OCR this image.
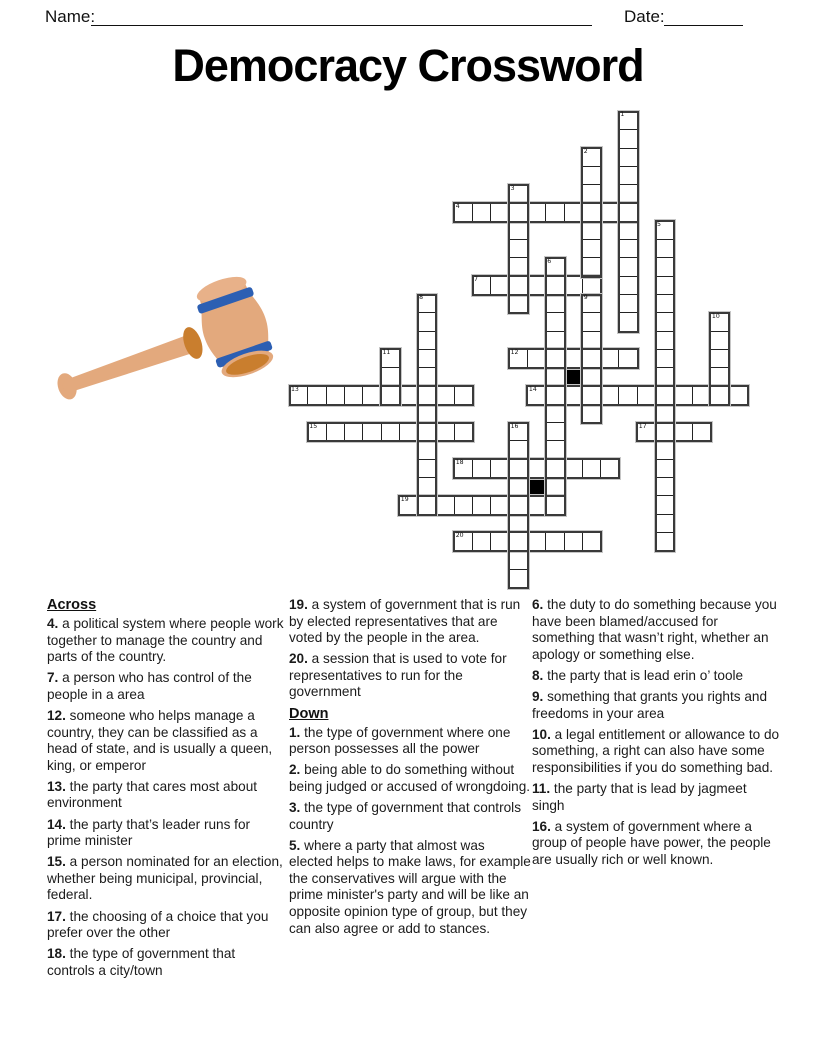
Name:	Date:
Democracy Crossword
4
7
12
13	14
15	17
18
19
20
1
2
3
5
6
8	9
10
11
16
Across

4. a political system where people work together to manage the country and parts of the country.

7. a person who has control of the people in a area

12. someone who helps manage a country, they can be classified as a head of state, and is usually a queen, king, or emperor

13. the party that cares most about environment

14. the party that’s leader runs for prime minister

15. a person nominated for an election, whether being municipal, provincial, federal.

17. the choosing of a choice that you prefer over the other

18. the type of government that controls a city/town

19. a system of government that is run by elected representatives that are voted by the people in the area.

20. a session that is used to vote for representatives to run for the government

Down

1. the type of government where one person possesses all the power

2. being able to do something without being judged or accused of wrongdoing.

3. the type of government that controls country

5. where a party that almost was elected helps to make laws, for example the conservatives will argue with the prime minister's party and will be like an opposite opinion type of group, but they can also agree or add to stances.

6. the duty to do something because you have been blamed/accused for something that wasn’t right, whether an apology or something else.

8. the party that is lead erin o’ toole

9. something that grants you rights and freedoms in your area

10. a legal entitlement or allowance to do something, a right can also have some responsibilities if you do something bad.

11. the party that is lead by jagmeet singh

16. a system of government where a group of people have power, the people are usually rich or well known.
